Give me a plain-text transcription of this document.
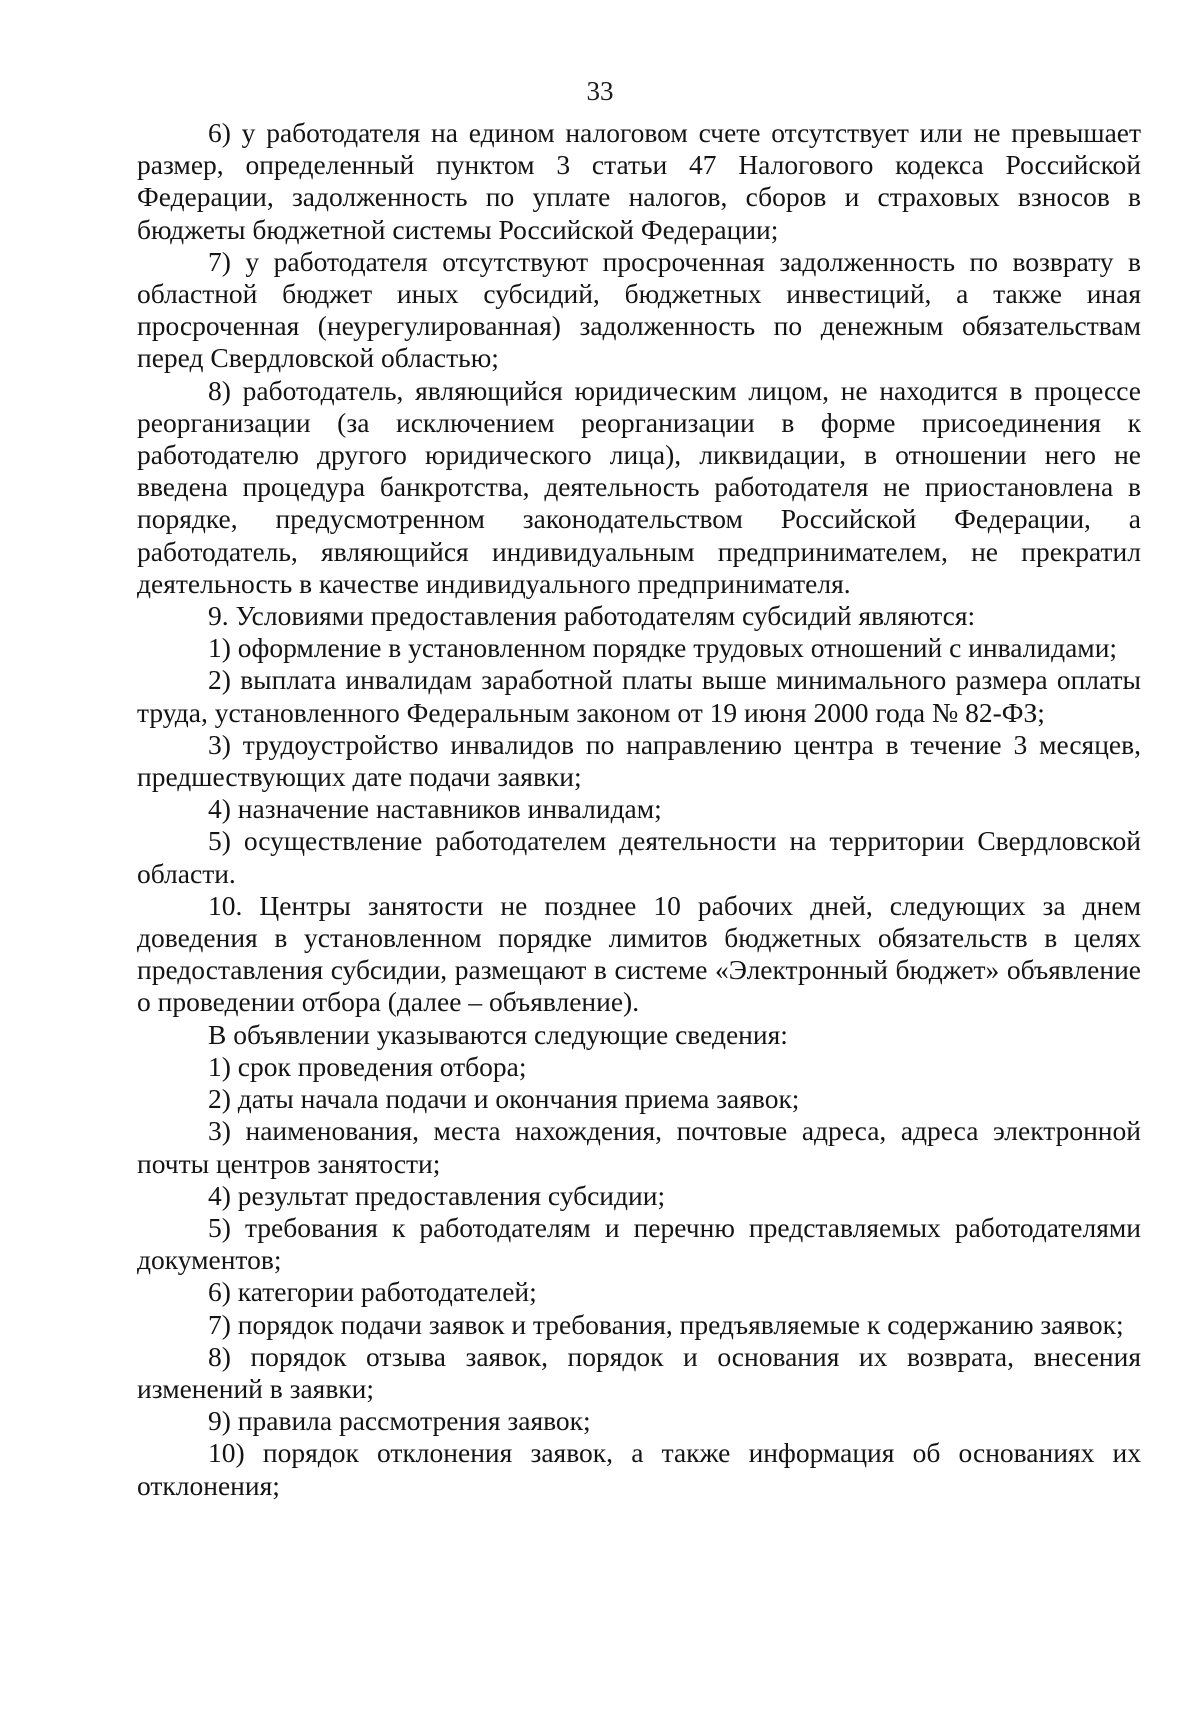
33

6) у работодателя на едином налоговом счете отсутствует или не превышает размер, определенный пунктом 3 статьи 47 Налогового кодекса Российской Федерации, задолженность по уплате налогов, сборов и страховых взносов в бюджеты бюджетной системы Российской Федерации;

7) у работодателя отсутствуют просроченная задолженность по возврату в областной бюджет иных субсидий, бюджетных инвестиций, а также иная просроченная (неурегулированная) задолженность по денежным обязательствам перед Свердловской областью;

8) работодатель, являющийся юридическим лицом, не находится в процессе реорганизации (за исключением реорганизации в форме присоединения к работодателю другого юридического лица), ликвидации, в отношении него не введена процедура банкротства, деятельность работодателя не приостановлена в порядке, предусмотренном законодательством Российской Федерации, а работодатель, являющийся индивидуальным предпринимателем, не прекратил деятельность в качестве индивидуального предпринимателя.

9. Условиями предоставления работодателям субсидий являются:

1) оформление в установленном порядке трудовых отношений с инвалидами;

2) выплата инвалидам заработной платы выше минимального размера оплаты труда, установленного Федеральным законом от 19 июня 2000 года № 82-ФЗ;

3) трудоустройство инвалидов по направлению центра в течение 3 месяцев, предшествующих дате подачи заявки;

4) назначение наставников инвалидам;

5) осуществление работодателем деятельности на территории Свердловской области.

10. Центры занятости не позднее 10 рабочих дней, следующих за днем доведения в установленном порядке лимитов бюджетных обязательств в целях предоставления субсидии, размещают в системе «Электронный бюджет» объявление о проведении отбора (далее – объявление).

В объявлении указываются следующие сведения:

1) срок проведения отбора;

2) даты начала подачи и окончания приема заявок;

3) наименования, места нахождения, почтовые адреса, адреса электронной почты центров занятости;

4) результат предоставления субсидии;

5) требования к работодателям и перечню представляемых работодателями документов;

6) категории работодателей;

7) порядок подачи заявок и требования, предъявляемые к содержанию заявок;

8) порядок отзыва заявок, порядок и основания их возврата, внесения изменений в заявки;

9) правила рассмотрения заявок;

10) порядок отклонения заявок, а также информация об основаниях их отклонения;
